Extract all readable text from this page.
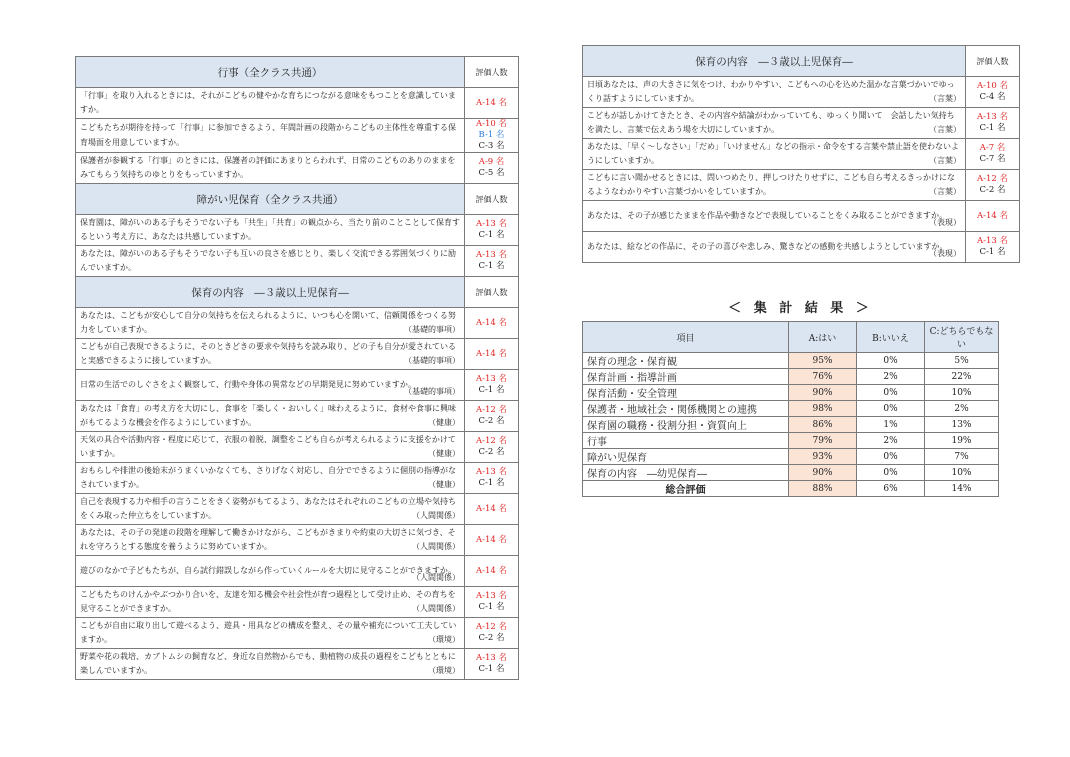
行事（全クラス共通）	評価人数
「行事」を取り入れるときには、それがこどもの健やかな育ちにつながる意味をもつことを意識していますか。	A-14 名

こどもたちが期待を持って「行事」に参加できるよう、年間計画の段階からこどもの主体性を尊重する保育場面を用意していますか。	A-10 名
B-1 名
C-3 名

保護者が参観する「行事」のときには、保護者の評価にあまりとらわれず、日常のこどものありのままをみてもらう気持ちのゆとりをもっていますか。	A-9 名
C-5 名

障がい児保育（全クラス共通）	評価人数
保育園は、障がいのある子もそうでない子も「共生」「共育」の観点から、当たり前のことことして保育するという考え方に、あなたは共感していますか。	A-13 名
C-1 名

あなたは、障がいのある子もそうでない子も互いの良さを感じとり、楽しく交流できる雰囲気づくりに励んでいますか。	A-13 名
C-1 名

保育の内容　―３歳以上児保育―	評価人数
あなたは、こどもが安心して自分の気持ちを伝えられるように、いつも心を開いて、信頼関係をつくる努力をしていますか。 （基礎的事項）	A-14 名

こどもが自己表現できるように、そのときどきの要求や気持ちを読み取り、どの子も自分が愛されていると実感できるように接していますか。 （基礎的事項）	A-14 名

日常の生活でのしぐさをよく観察して、行動や身体の異常などの早期発見に努めていますか。
（基礎的事項）	A-13 名
C-1 名

あなたは「食育」の考え方を大切にし、食事を「楽しく・おいしく」味わえるように、食材や食事に興味がもてるような機会を作るようにしていますか。 （健康）	A-12 名
C-2 名

天気の具合や活動内容・程度に応じて、衣服の着脱、調整をこども自らが考えられるように支援をかけていますか。 （健康）	A-12 名
C-2 名

おもらしや排泄の後始末がうまくいかなくても、さりげなく対応し、自分でできるように個別の指導がなされていますか。 （健康）	A-13 名
C-1 名

自己を表現する力や相手の言うことをきく姿勢がもてるよう、あなたはそれぞれのこどもの立場や気持ちをくみ取った仲立ちをしていますか。 （人間関係）	A-14 名

あなたは、その子の発達の段階を理解して働きかけながら、こどもがきまりや約束の大切さに気づき、それを守ろうとする態度を養うように努めていますか。 （人間関係）	A-14 名

遊びのなかで子どもたちが、自ら試行錯誤しながら作っていくルールを大切に見守ることができますか。
（人間関係）	A-14 名

こどもたちのけんかやぶつかり合いを、友達を知る機会や社会性が育つ過程として受け止め、その育ちを見守ることができますか。 （人間関係）	A-13 名
C-1 名

こどもが自由に取り出して遊べるよう、遊具・用具などの構成を整え、その量や補充について工夫していますか。 （環境）	A-12 名
C-2 名

野菜や花の栽培、カブトムシの飼育など、身近な自然物からでも、動植物の成長の過程をこどもとともに楽しんでいますか。 （環境）	A-13 名
C-1 名
保育の内容　―３歳以上児保育―	評価人数
日頃あなたは、声の大きさに気をつけ、わかりやすい、こどもへの心を込めた温かな言葉づかいでゆっくり話すようにしていますか。 （言葉）	A-10 名
C-4 名

こどもが話しかけてきたとき、その内容や結論がわかっていても、ゆっくり聞いて　会話したい気持ちを満たし、言葉で伝えあう場を大切にしていますか。 （言葉）	A-13 名
C-1 名

あなたは、「早く～しなさい」「だめ」「いけません」などの指示・命令をする言葉や禁止語を使わないようにしていますか。 （言葉）	A-7 名
C-7 名

こどもに言い聞かせるときには、問いつめたり、押しつけたりせずに、こども自ら考えるきっかけになるようなわかりやすい言葉づかいをしていますか。 （言葉）	A-12 名
C-2 名

あなたは、その子が感じたままを作品や動きなどで表現していることをくみ取ることができますか。
（表現）	A-14 名

あなたは、絵などの作品に、その子の喜びや悲しみ、驚きなどの感動を共感しようとしていますか。
（表現）	A-13 名
C-1 名
＜ 集 計 結 果 ＞
項目	A:はい	B:いいえ	C:どちらでもない
保育の理念・保育観	95%	0%	5%
保育計画・指導計画	76%	2%	22%
保育活動・安全管理	90%	0%	10%
保護者・地域社会・関係機関との連携	98%	0%	2%
保育園の職務・役割分担・資質向上	86%	1%	13%
行事	79%	2%	19%
障がい児保育	93%	0%	7%
保育の内容　―幼児保育―	90%	0%	10%
総合評価	88%	6%	14%
